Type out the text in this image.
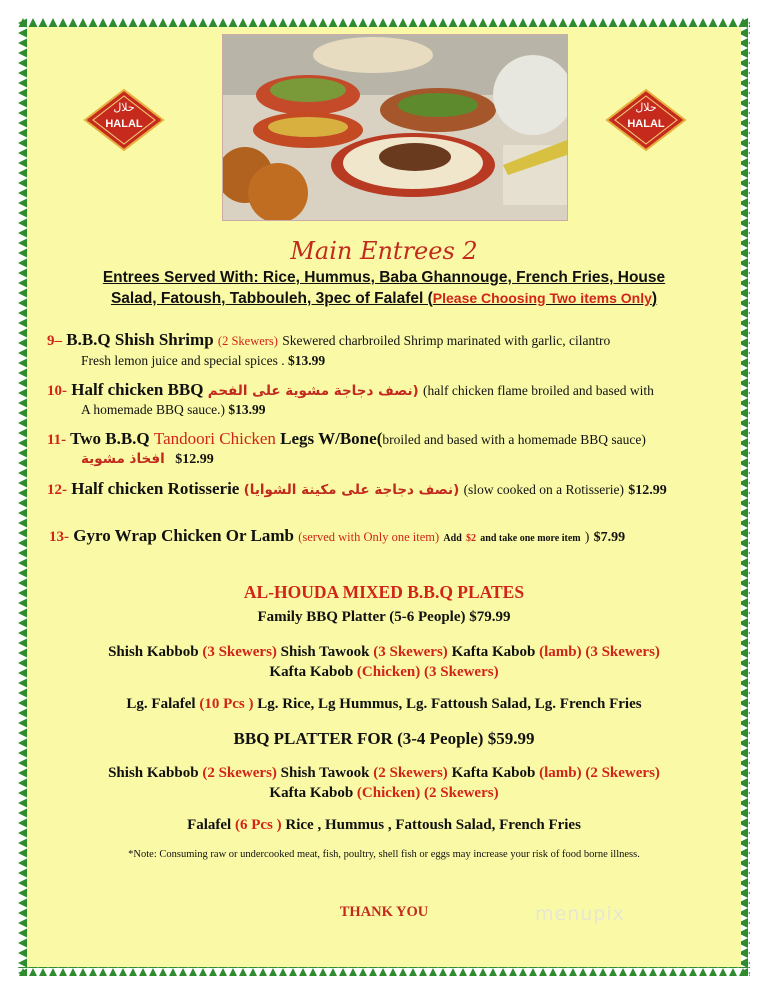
حلال
HALAL
حلال
HALAL
Main Entrees 2
Entrees Served With: Rice, Hummus, Baba Ghannouge, French Fries, House
Salad, Fatoush, Tabbouleh, 3pec of Falafel (Please Choosing Two items Only)
9– B.B.Q Shish Shrimp (2 Skewers) Skewered charbroiled Shrimp marinated with garlic, cilantro
Fresh lemon juice and special spices . $13.99
10- Half chicken BBQ (نصف دجاجة مشوية على الفحم (half chicken flame broiled and based with
A homemade BBQ sauce.) $13.99
11- Two B.B.Q Tandoori Chicken Legs W/Bone(broiled and based with a homemade BBQ sauce)
افخاذ مشوية $12.99
12- Half chicken Rotisserie (نصف دجاجة على مكينة الشوايا) (slow cooked on a Rotisserie) $12.99
13- Gyro Wrap Chicken Or Lamb (served with Only one item) Add $2 and take one more item ) $7.99
AL-HOUDA MIXED B.B.Q PLATES
Family BBQ Platter (5-6 People) $79.99
Shish Kabbob (3 Skewers) Shish Tawook (3 Skewers) Kafta Kabob (lamb) (3 Skewers)
Kafta Kabob (Chicken) (3 Skewers)
Lg. Falafel (10 Pcs ) Lg. Rice, Lg Hummus, Lg. Fattoush Salad, Lg. French Fries
BBQ PLATTER FOR (3-4 People) $59.99
Shish Kabbob (2 Skewers) Shish Tawook (2 Skewers) Kafta Kabob (lamb) (2 Skewers)
Kafta Kabob (Chicken) (2 Skewers)
Falafel (6 Pcs ) Rice , Hummus , Fattoush Salad, French Fries
*Note: Consuming raw or undercooked meat, fish, poultry, shell fish or eggs may increase your risk of food borne illness.
THANK YOU	menupix
